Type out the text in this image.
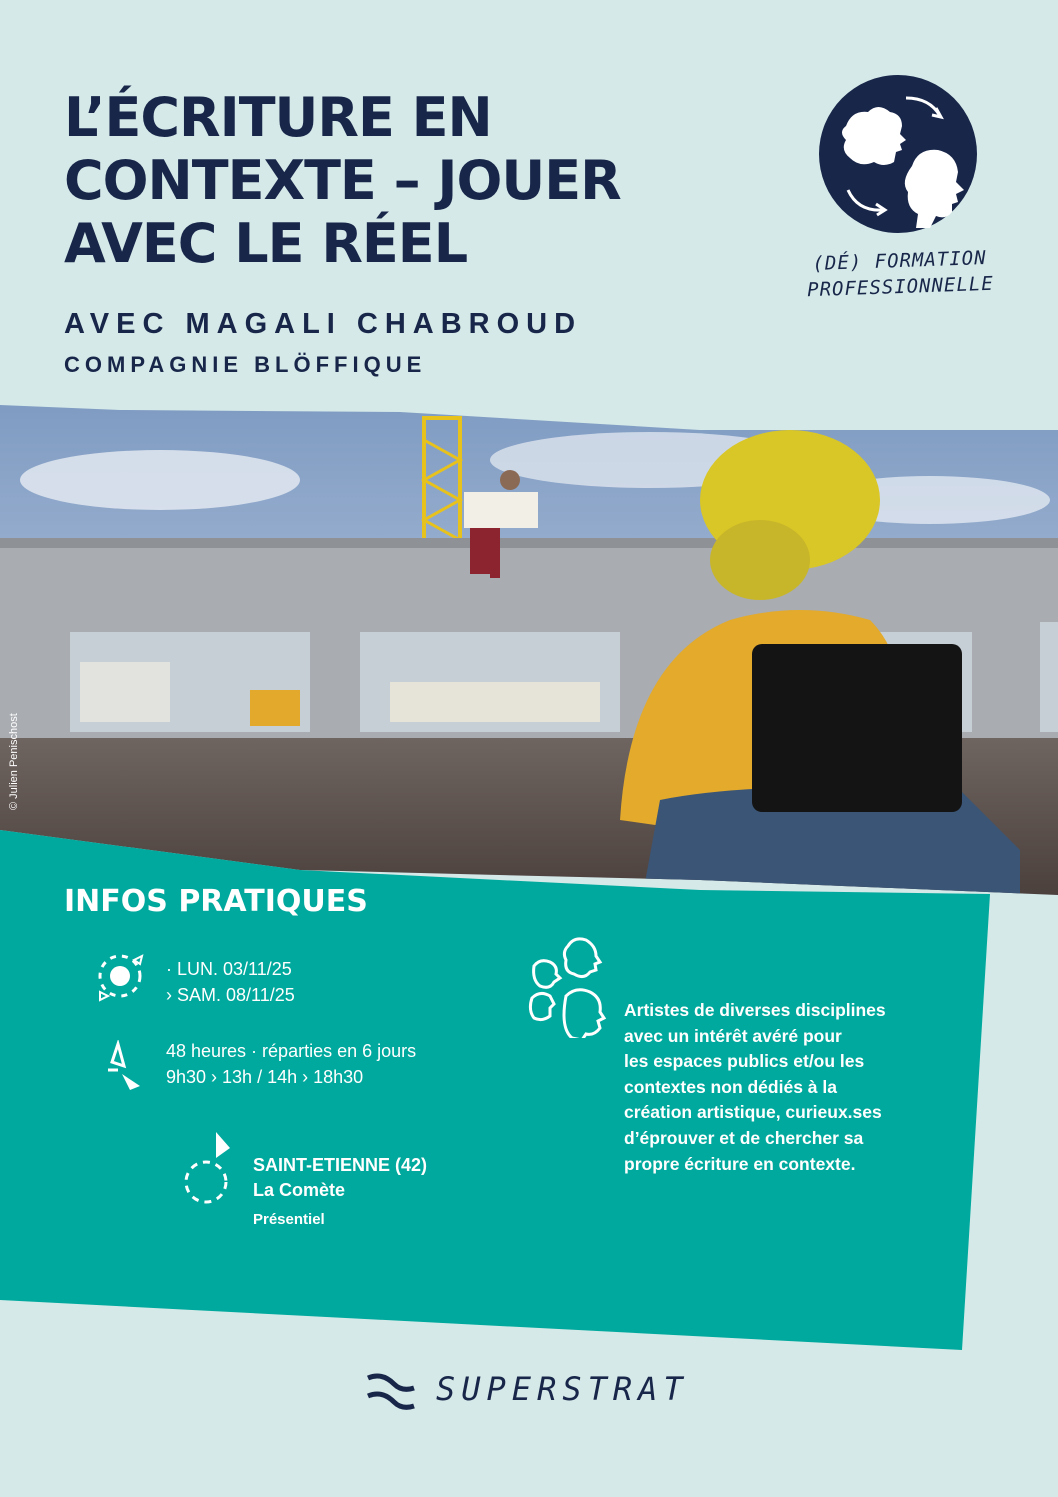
L’ÉCRITURE EN
CONTEXTE – JOUER
AVEC LE RÉEL
AVEC MAGALI CHABROUD
COMPAGNIE BLÖFFIQUE
(DÉ) FORMATION
PROFESSIONNELLE
© Julien Penischost
INFOS PRATIQUES
· LUN. 03/11/25
› SAM. 08/11/25
48 heures · réparties en 6 jours
9h30 › 13h / 14h › 18h30
SAINT-ETIENNE (42)
La Comète
Présentiel
Artistes de diverses disciplines
avec un intérêt avéré pour
les espaces publics et/ou les
contextes non dédiés à la
création artistique, curieux.ses
d’éprouver et de chercher sa
propre écriture en contexte.
SUPERSTRAT
